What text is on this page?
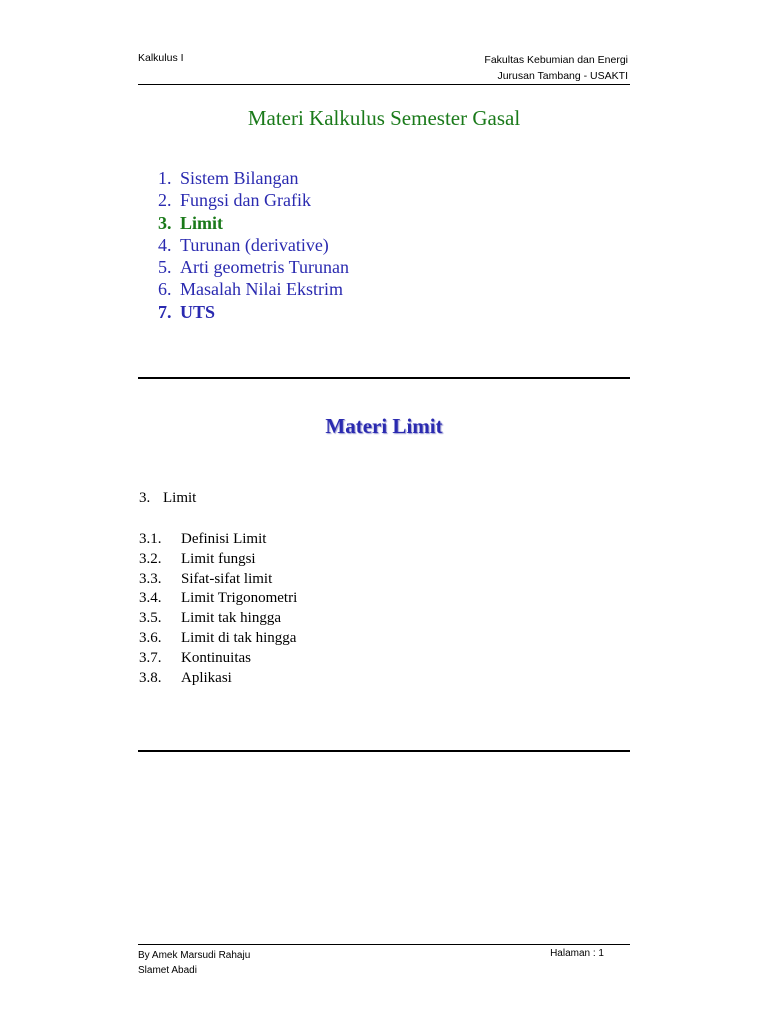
Kalkulus I	Fakultas Kebumian dan Energi
Jurusan Tambang - USAKTI
Materi Kalkulus Semester Gasal
1. Sistem Bilangan
2. Fungsi dan Grafik
3. Limit
4. Turunan (derivative)
5. Arti geometris Turunan
6. Masalah Nilai Ekstrim
7. UTS
Materi Limit
3. Limit
3.1. Definisi Limit
3.2. Limit fungsi
3.3. Sifat-sifat limit
3.4. Limit Trigonometri
3.5. Limit tak hingga
3.6. Limit di tak hingga
3.7. Kontinuitas
3.8. Aplikasi
By Amek Marsudi Rahaju
Slamet Abadi
Halaman : 1
